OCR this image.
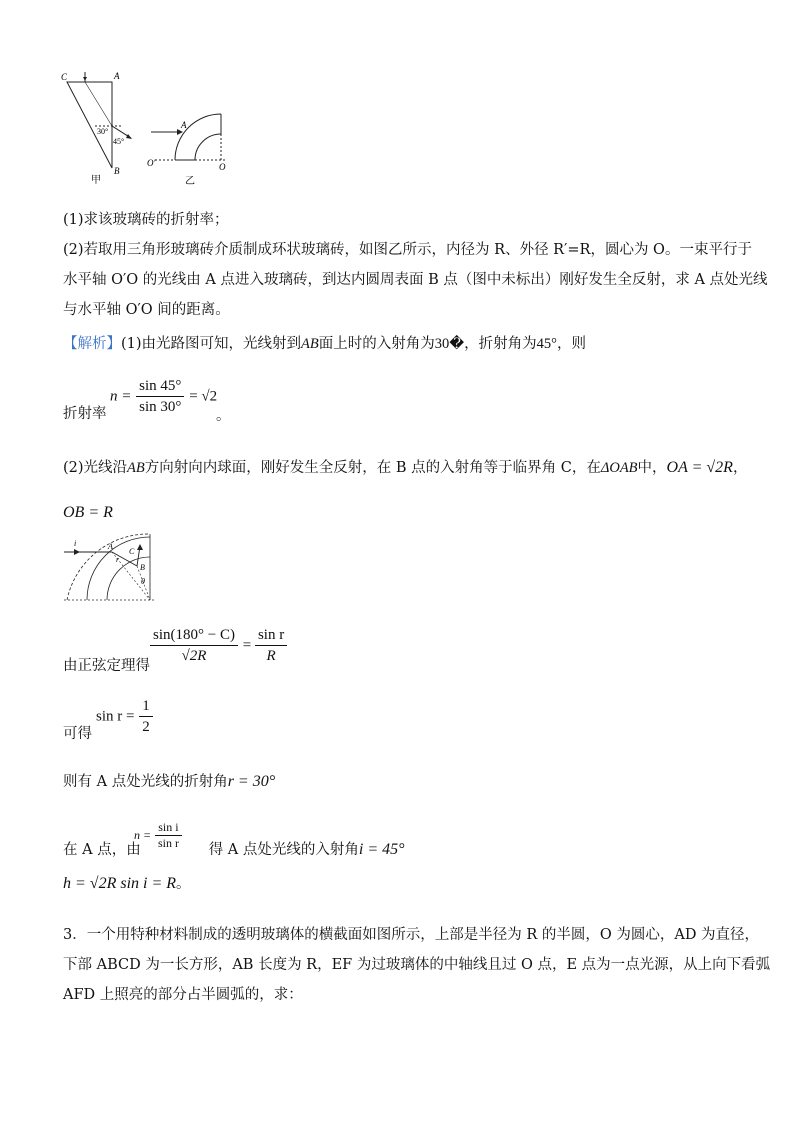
C	A
B
30°
45°
甲
A
O′	O
乙
(1)求该玻璃砖的折射率；
(2)若取用三角形玻璃砖介质制成环状玻璃砖，如图乙所示，内径为 R、外径 R′=R，圆心为 O。一束平行于
水平轴 O′O 的光线由 A 点进入玻璃砖，到达内圆周表面 B 点（图中未标出）刚好发生全反射，求 A 点处光线
与水平轴 O′O 间的距离。
【解析】(1)由光路图可知，光线射到AB面上时的入射角为30�，折射角为45°，则
$n = \frac{\sin 45^\circ}{\sin 30^\circ} = √2$
折射率	。
(2)光线沿AB方向射向内球面，刚好发生全反射，在 B 点的入射角等于临界角 C，在ΔOAB中，OA = √2R，
OB = R
i	A
r
C
B
θ
$\frac{\sin(180^\circ - C)}{√2R} = \frac{\text{sin r}}{R}$
由正弦定理得
$\sin r = \frac{1}{2}$
可得
则有 A 点处光线的折射角r = 30°
$n = \frac{\text{sin i}}{\text{sin r}}$
在 A 点，由	得 A 点处光线的入射角i = 45°
h = √2R sin i = R。
3．一个用特种材料制成的透明玻璃体的横截面如图所示，上部是半径为 R 的半圆，O 为圆心，AD 为直径，
下部 ABCD 为一长方形，AB 长度为 R，EF 为过玻璃体的中轴线且过 O 点，E 点为一点光源，从上向下看弧
AFD 上照亮的部分占半圆弧的，求：
